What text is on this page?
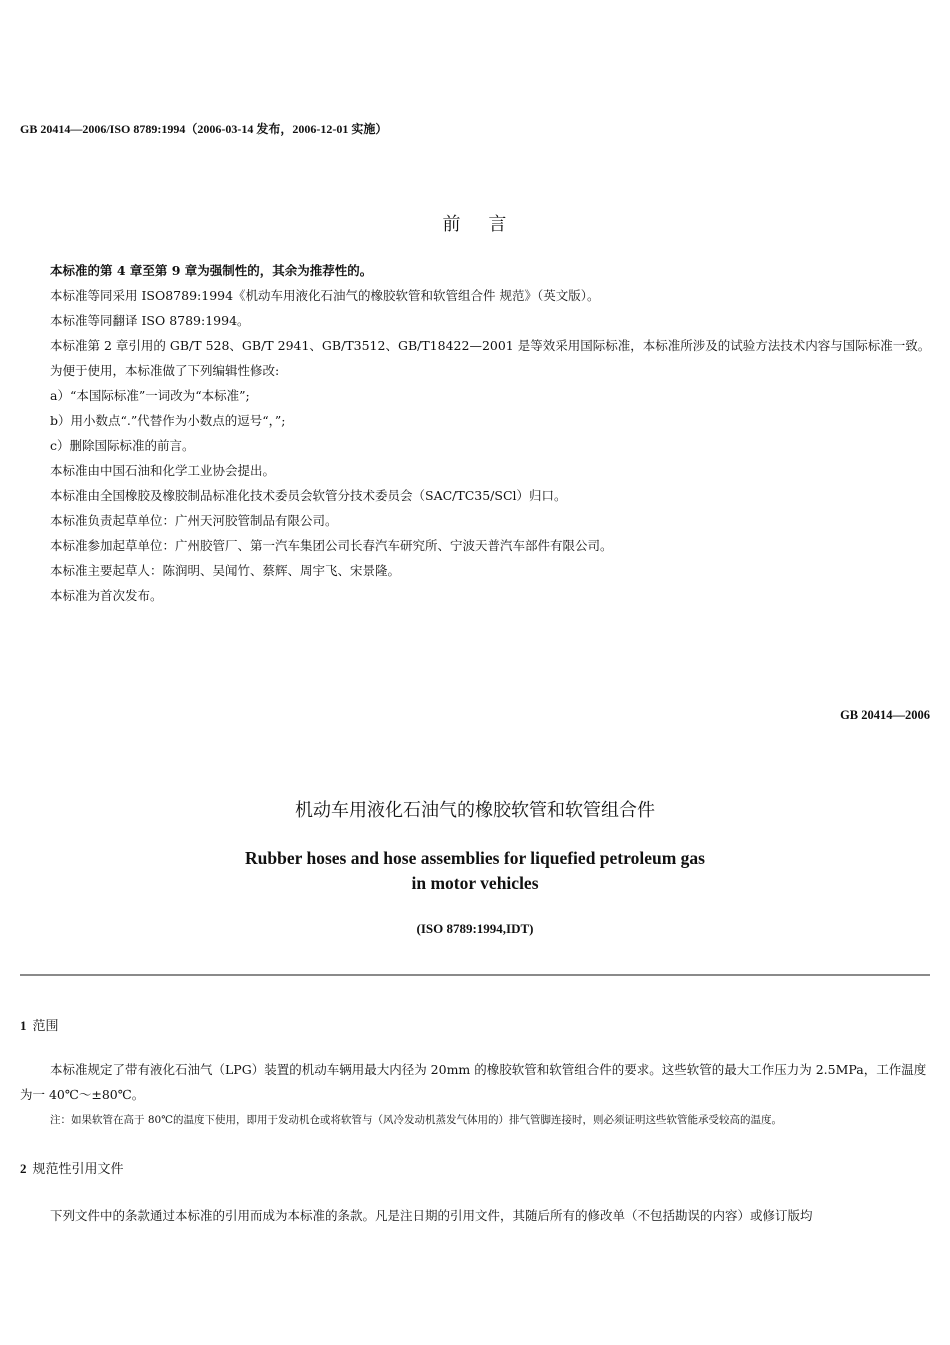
GB 20414—2006/ISO 8789:1994（2006-03-14 发布，2006-12-01 实施）
前    言

本标准的第 4 章至第 9 章为强制性的，其余为推荐性的。

本标准等同采用 ISO8789:1994《机动车用液化石油气的橡胶软管和软管组合件 规范》（英文版）。

本标准等同翻译 ISO 8789:1994。

本标准第 2 章引用的 GB/T 528、GB/T 2941、GB/T3512、GB/T18422—2001 是等效采用国际标准，本标准所涉及的试验方法技术内容与国际标准一致。

为便于使用，本标准做了下列编辑性修改:

a）“本国际标准”一词改为“本标准”;

b）用小数点“.”代替作为小数点的逗号“，”;

c）删除国际标准的前言。

本标准由中国石油和化学工业协会提出。

本标准由全国橡胶及橡胶制品标准化技术委员会软管分技术委员会（SAC/TC35/SCl）归口。

本标准负责起草单位：广州天河胶管制品有限公司。

本标准参加起草单位：广州胶管厂、第一汽车集团公司长春汽车研究所、宁波天普汽车部件有限公司。

本标准主要起草人：陈润明、吴闻竹、蔡辉、周宇飞、宋景隆。

本标准为首次发布。

GB 20414—2006
机动车用液化石油气的橡胶软管和软管组合件
Rubber hoses and hose assemblies for liquefied petroleum gas
in motor vehicles
(ISO 8789:1994,IDT)
1 范围

本标准规定了带有液化石油气（LPG）装置的机动车辆用最大内径为 20mm 的橡胶软管和软管组合件的要求。这些软管的最大工作压力为 2.5MPa，工作温度为一 40℃～±80℃。

注：如果软管在高于 80℃的温度下使用，即用于发动机仓或将软管与（风冷发动机蒸发气体用的）排气管脚连接时，则必须证明这些软管能承受较高的温度。
2 规范性引用文件

下列文件中的条款通过本标准的引用而成为本标准的条款。凡是注日期的引用文件，其随后所有的修改单（不包括勘误的内容）或修订版均
